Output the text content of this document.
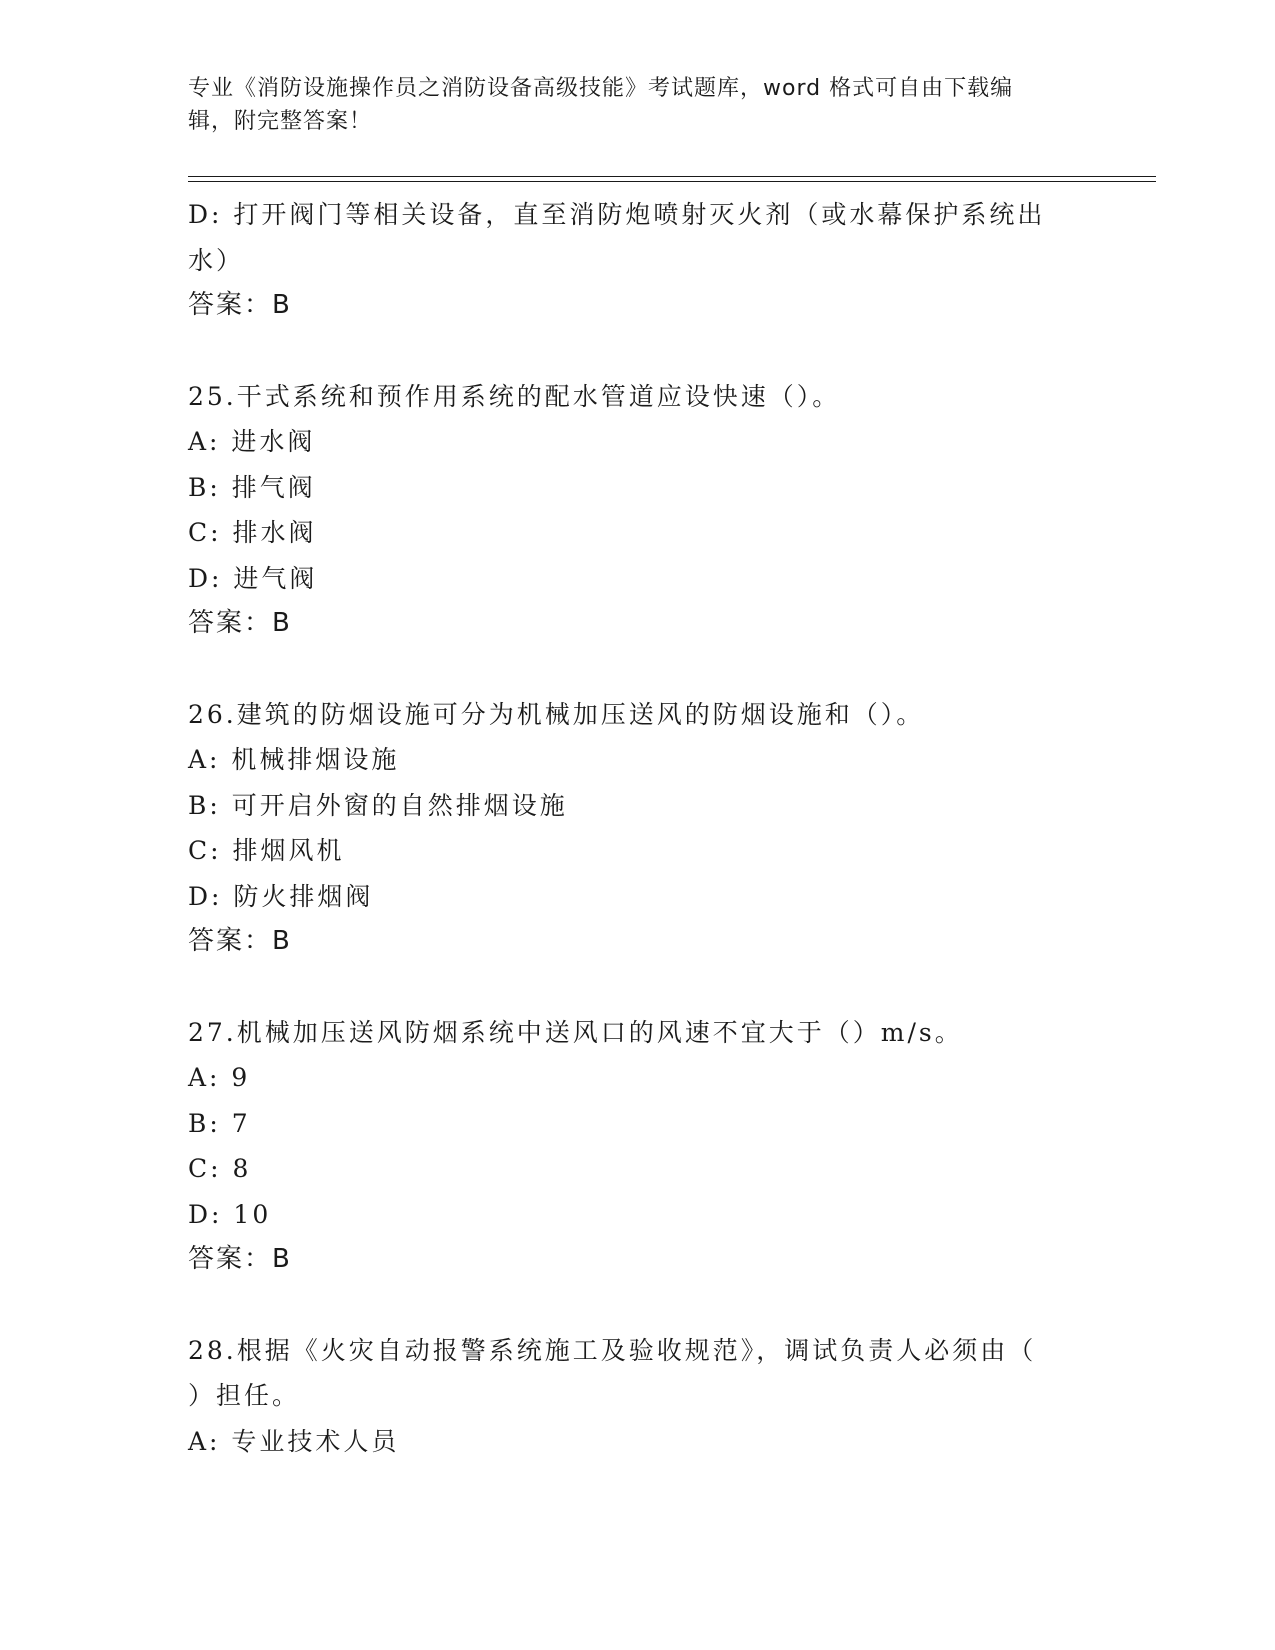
专业《消防设施操作员之消防设备高级技能》考试题库，word 格式可自由下载编
辑，附完整答案！
D: 打开阀门等相关设备，直至消防炮喷射灭火剂（或水幕保护系统出
水）
答案：B
25.干式系统和预作用系统的配水管道应设快速（）。
A: 进水阀
B: 排气阀
C: 排水阀
D: 进气阀
答案：B
26.建筑的防烟设施可分为机械加压送风的防烟设施和（）。
A: 机械排烟设施
B: 可开启外窗的自然排烟设施
C: 排烟风机
D: 防火排烟阀
答案：B
27.机械加压送风防烟系统中送风口的风速不宜大于（）m/s。
A: 9
B: 7
C: 8
D: 10
答案：B
28.根据《火灾自动报警系统施工及验收规范》，调试负责人必须由（
）担任。
A: 专业技术人员
